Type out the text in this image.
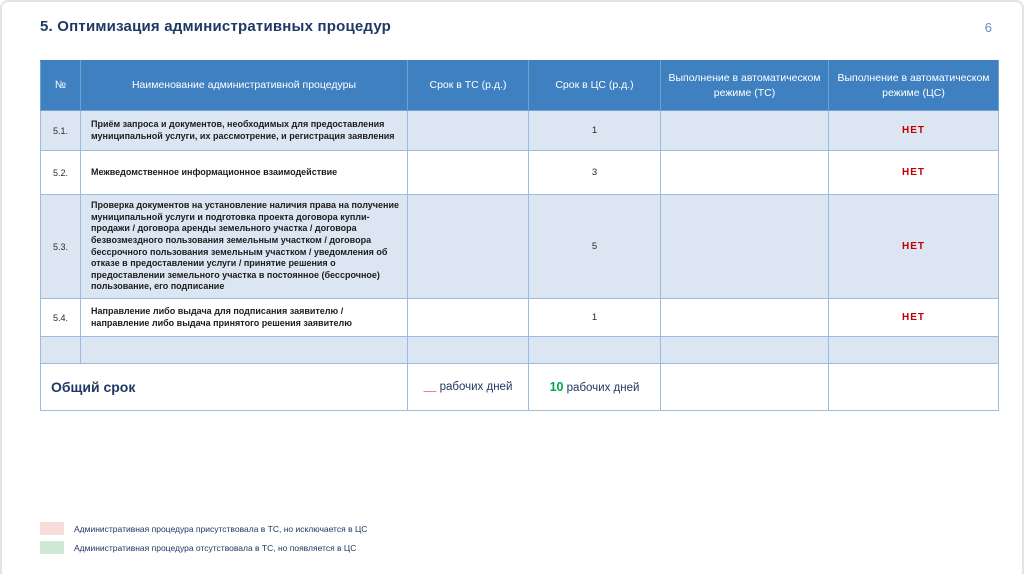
5. Оптимизация административных процедур	6
№	Наименование административной процедуры	Срок в ТС (р.д.)	Срок в ЦС (р.д.)	Выполнение в автоматическом режиме (ТС)	Выполнение в автоматическом режиме (ЦС)
5.1.	Приём запроса и документов, необходимых для предоставления муниципальной услуги, их рассмотрение, и регистрация заявления		1		НЕТ
5.2.	Межведомственное информационное взаимодействие		3		НЕТ
5.3.	Проверка документов на установление наличия права на получение муниципальной услуги и подготовка проекта договора купли-продажи / договора аренды земельного участка / договора безвозмездного пользования земельным участком / договора бессрочного пользования земельным участком / уведомления об отказе в предоставлении услуги / принятие решения о предоставлении земельного участка в постоянное (бессрочное) пользование, его подписание		5		НЕТ
5.4.	Направление либо выдача для подписания заявителю / направление либо выдача принятого решения заявителю		1		НЕТ

Общий срок		__ рабочих дней	10 рабочих дней		
Административная процедура присутствовала в ТС, но исключается в ЦС
Административная процедура отсутствовала в ТС, но появляется в ЦС
